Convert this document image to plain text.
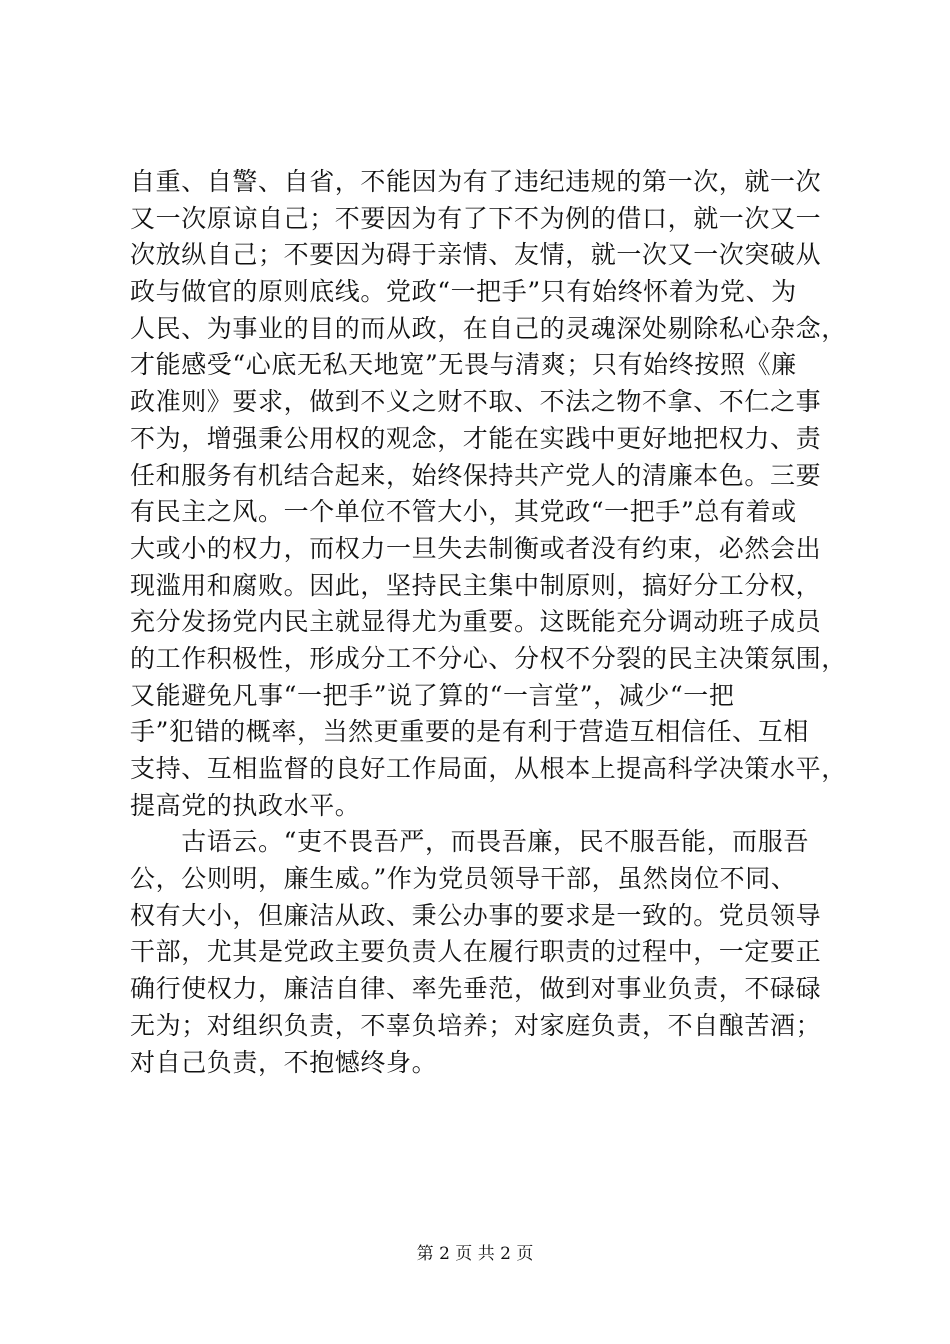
自重、自警、自省，不能因为有了违纪违规的第一次，就一次
又一次原谅自己；不要因为有了下不为例的借口，就一次又一
次放纵自己；不要因为碍于亲情、友情，就一次又一次突破从
政与做官的原则底线。党政“一把手”只有始终怀着为党、为
人民、为事业的目的而从政，在自己的灵魂深处剔除私心杂念，
才能感受“心底无私天地宽”无畏与清爽；只有始终按照《廉
政准则》要求，做到不义之财不取、不法之物不拿、不仁之事
不为，增强秉公用权的观念，才能在实践中更好地把权力、责
任和服务有机结合起来，始终保持共产党人的清廉本色。三要
有民主之风。一个单位不管大小，其党政“一把手”总有着或
大或小的权力，而权力一旦失去制衡或者没有约束，必然会出
现滥用和腐败。因此，坚持民主集中制原则，搞好分工分权，
充分发扬党内民主就显得尤为重要。这既能充分调动班子成员
的工作积极性，形成分工不分心、分权不分裂的民主决策氛围，
又能避免凡事“一把手”说了算的“一言堂”，减少“一把
手”犯错的概率，当然更重要的是有利于营造互相信任、互相
支持、互相监督的良好工作局面，从根本上提高科学决策水平，
提高党的执政水平。
　　古语云。“吏不畏吾严，而畏吾廉，民不服吾能，而服吾
公，公则明，廉生威。”作为党员领导干部，虽然岗位不同、
权有大小，但廉洁从政、秉公办事的要求是一致的。党员领导
干部，尤其是党政主要负责人在履行职责的过程中，一定要正
确行使权力，廉洁自律、率先垂范，做到对事业负责，不碌碌
无为；对组织负责，不辜负培养；对家庭负责，不自酿苦酒；
对自己负责，不抱憾终身。
第 2 页 共 2 页
